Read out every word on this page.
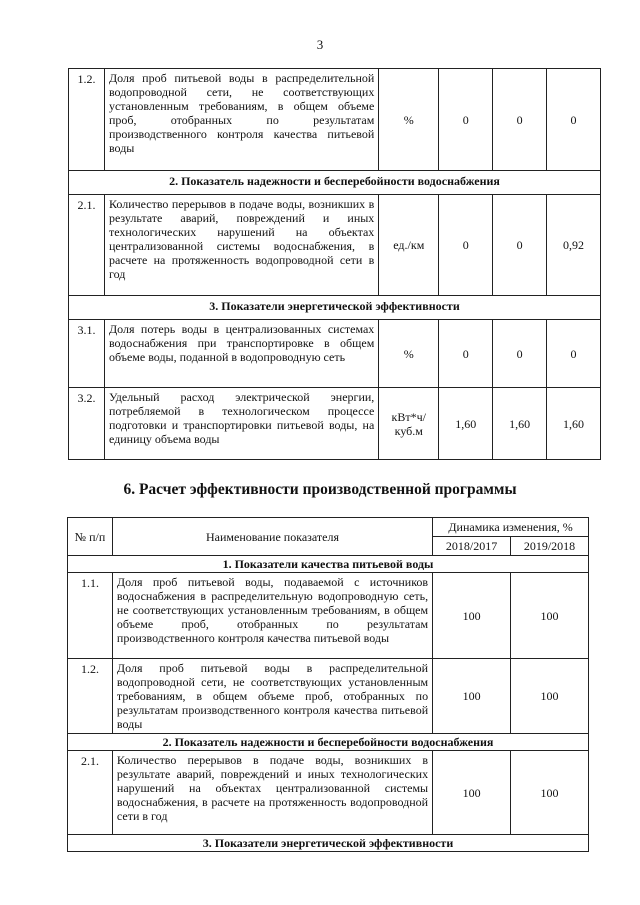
3
1.2.	Доля проб питьевой воды в распределительной водопроводной сети, не соответствующих установленным требованиям, в общем объеме проб, отобранных по результатам производственного контроля качества питьевой воды	%	0	0	0
2. Показатель надежности и бесперебойности водоснабжения					
2.1.	Количество перерывов в подаче воды, возникших в результате аварий, повреждений и иных технологических нарушений на объектах централизованной системы водоснабжения, в расчете на протяженность водопроводной сети в год	ед./км	0	0	0,92
3. Показатели энергетической эффективности					
3.1.	Доля потерь воды в централизованных системах водоснабжения при транспортировке в общем объеме воды, поданной в водопроводную сеть	%	0	0	0
3.2.	Удельный расход электрической энергии, потребляемой в технологическом процессе подготовки и транспортировки питьевой воды, на единицу объема воды	кВт*ч/ куб.м	1,60	1,60	1,60
6. Расчет эффективности производственной программы
№ п/п	Наименование показателя	Динамика изменения, %	
		2018/2017	2019/2018
1. Показатели качества питьевой воды			
1.1.	Доля проб питьевой воды, подаваемой с источников водоснабжения в распределительную водопроводную сеть, не соответствующих установленным требованиям, в общем объеме проб, отобранных по результатам производственного контроля качества питьевой воды	100	100
1.2.	Доля проб питьевой воды в распределительной водопроводной сети, не соответствующих установленным требованиям, в общем объеме проб, отобранных по результатам производственного контроля качества питьевой воды	100	100
2. Показатель надежности и бесперебойности водоснабжения			
2.1.	Количество перерывов в подаче воды, возникших в результате аварий, повреждений и иных технологических нарушений на объектах централизованной системы водоснабжения, в расчете на протяженность водопроводной сети в год	100	100
3. Показатели энергетической эффективности			
